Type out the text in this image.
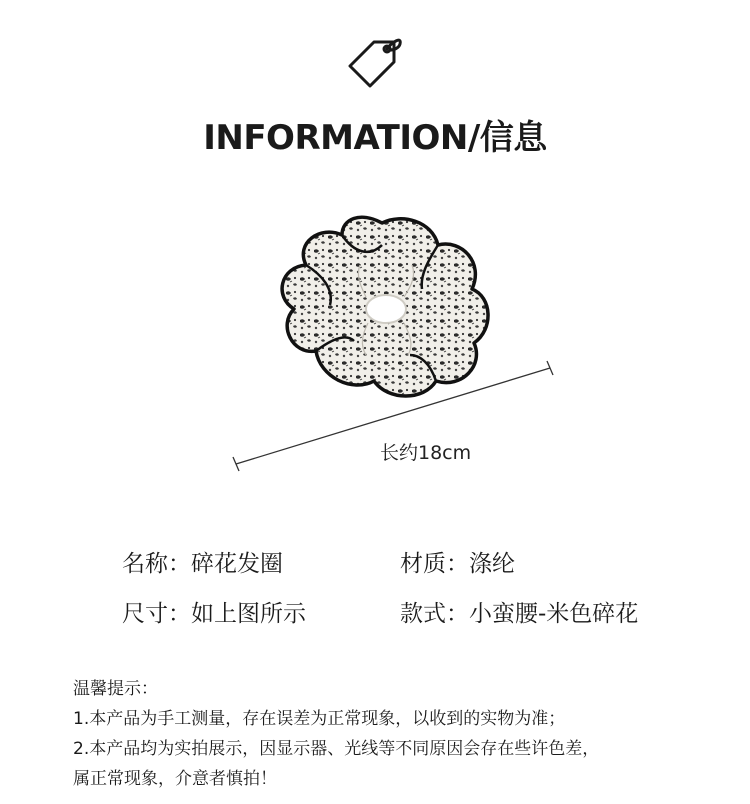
INFORMATION/信息
长约18cm
名称：碎花发圈	材质：涤纶
尺寸：如上图所示	款式：小蛮腰-米色碎花
温馨提示：
1.本产品为手工测量，存在误差为正常现象，以收到的实物为准；
2.本产品均为实拍展示，因显示器、光线等不同原因会存在些许色差，
属正常现象，介意者慎拍！
